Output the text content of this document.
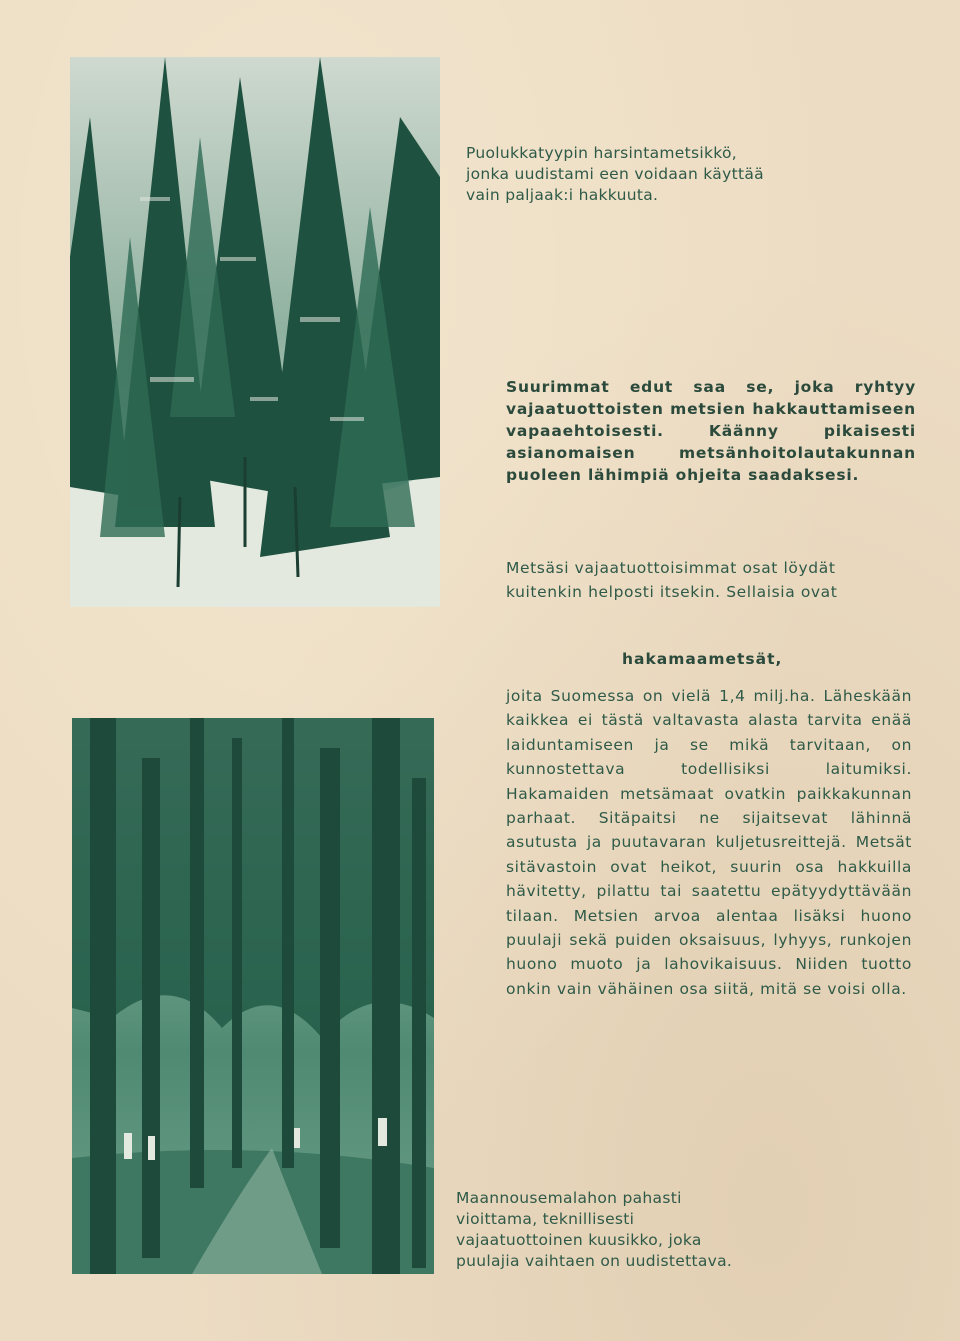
Puolukkatyypin harsintametsikkö, jonka uudistami een voidaan käyttää vain paljaak:i hakkuuta.

Suurimmat edut saa se, joka ryhtyy vajaatuottoisten metsien hakkauttamiseen vapaaehtoisesti. Käänny pikaisesti asianomaisen metsänhoitolautakunnan puoleen lähimpiä ohjeita saadaksesi.

Metsäsi vajaatuottoisimmat osat löydät kuitenkin helposti itsekin. Sellaisia ovat

hakamaametsät,

joita Suomessa on vielä 1,4 milj.ha. Läheskään kaikkea ei tästä valtavasta alasta tarvita enää laiduntamiseen ja se mikä tarvitaan, on kunnostettava todellisiksi laitumiksi. Hakamaiden metsämaat ovatkin paikkakunnan parhaat. Sitäpaitsi ne sijaitsevat lähinnä asutusta ja puutavaran kuljetusreittejä. Metsät sitävastoin ovat heikot, suurin osa hakkuilla hävitetty, pilattu tai saatettu epätyydyttävään tilaan. Metsien arvoa alentaa lisäksi huono puulaji sekä puiden oksaisuus, lyhyys, runkojen huono muoto ja lahovikaisuus. Niiden tuotto onkin vain vähäinen osa siitä, mitä se voisi olla.

Maannousemalahon pahasti vioittama, teknillisesti vajaatuottoinen kuusikko, joka puulajia vaihtaen on uudistettava.
